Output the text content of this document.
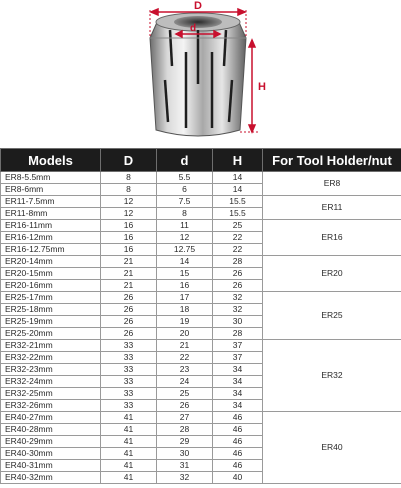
D
d
H
Models	D	d	H	For Tool Holder/nut
ER8-5.5mm	8	5.5	14	ER8
ER8-6mm	8	6	14	
ER11-7.5mm	12	7.5	15.5	ER11
ER11-8mm	12	8	15.5	
ER16-11mm	16	11	25	ER16
ER16-12mm	16	12	22	
ER16-12.75mm	16	12.75	22	
ER20-14mm	21	14	28	ER20
ER20-15mm	21	15	26	
ER20-16mm	21	16	26	
ER25-17mm	26	17	32	ER25
ER25-18mm	26	18	32	
ER25-19mm	26	19	30	
ER25-20mm	26	20	28	
ER32-21mm	33	21	37	ER32
ER32-22mm	33	22	37	
ER32-23mm	33	23	34	
ER32-24mm	33	24	34	
ER32-25mm	33	25	34	
ER32-26mm	33	26	34	
ER40-27mm	41	27	46	ER40
ER40-28mm	41	28	46	
ER40-29mm	41	29	46	
ER40-30mm	41	30	46	
ER40-31mm	41	31	46	
ER40-32mm	41	32	40	
